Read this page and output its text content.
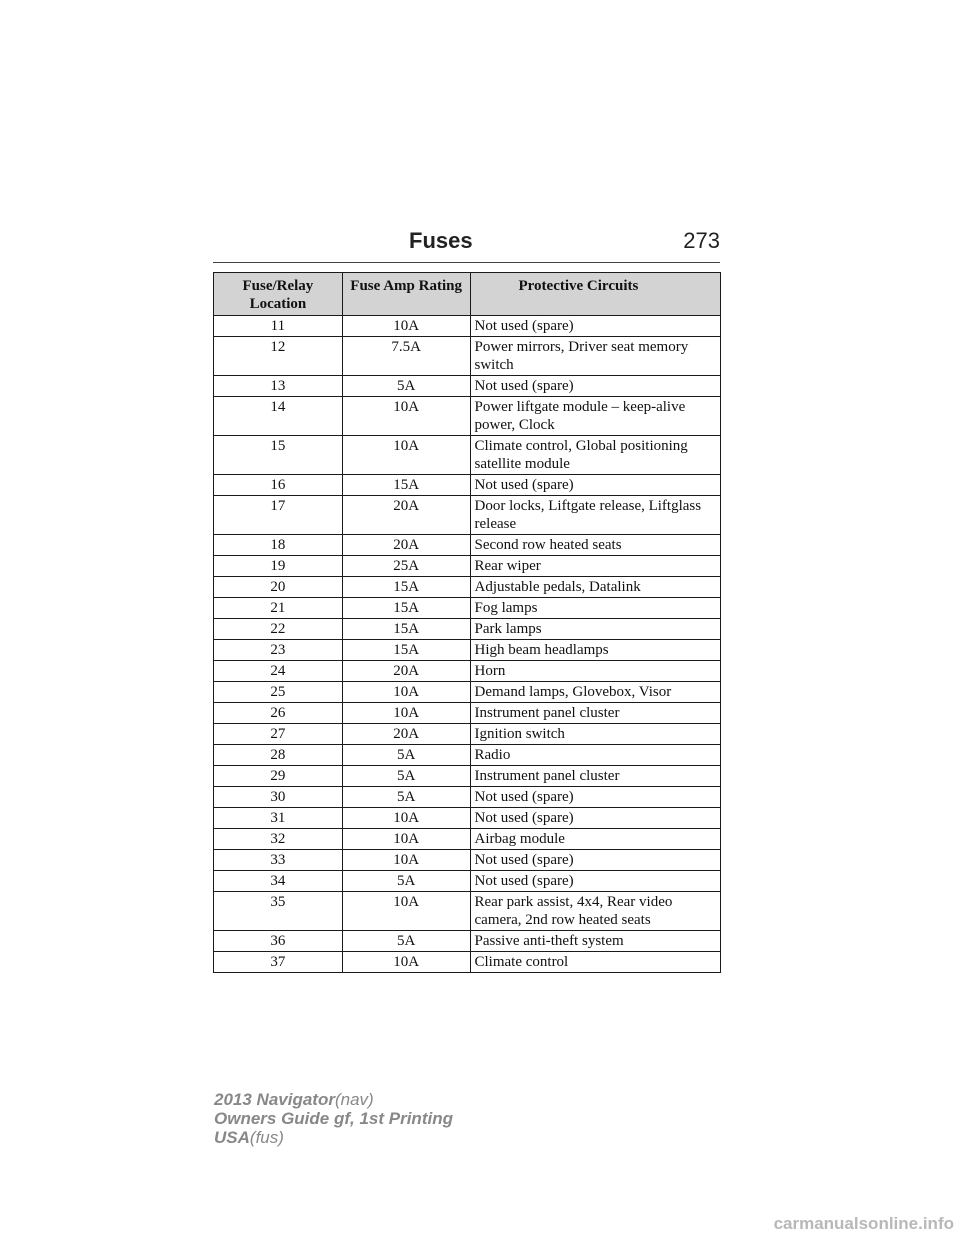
Fuses	273
Fuse/Relay Location	Fuse Amp Rating	Protective Circuits
11	10A	Not used (spare)
12	7.5A	Power mirrors, Driver seat memory switch
13	5A	Not used (spare)
14	10A	Power liftgate module – keep-alive power, Clock
15	10A	Climate control, Global positioning satellite module
16	15A	Not used (spare)
17	20A	Door locks, Liftgate release, Liftglass release
18	20A	Second row heated seats
19	25A	Rear wiper
20	15A	Adjustable pedals, Datalink
21	15A	Fog lamps
22	15A	Park lamps
23	15A	High beam headlamps
24	20A	Horn
25	10A	Demand lamps, Glovebox, Visor
26	10A	Instrument panel cluster
27	20A	Ignition switch
28	5A	Radio
29	5A	Instrument panel cluster
30	5A	Not used (spare)
31	10A	Not used (spare)
32	10A	Airbag module
33	10A	Not used (spare)
34	5A	Not used (spare)
35	10A	Rear park assist, 4x4, Rear video camera, 2nd row heated seats
36	5A	Passive anti-theft system
37	10A	Climate control
2013 Navigator(nav)
Owners Guide gf, 1st Printing
USA(fus)
carmanualsonline.info
